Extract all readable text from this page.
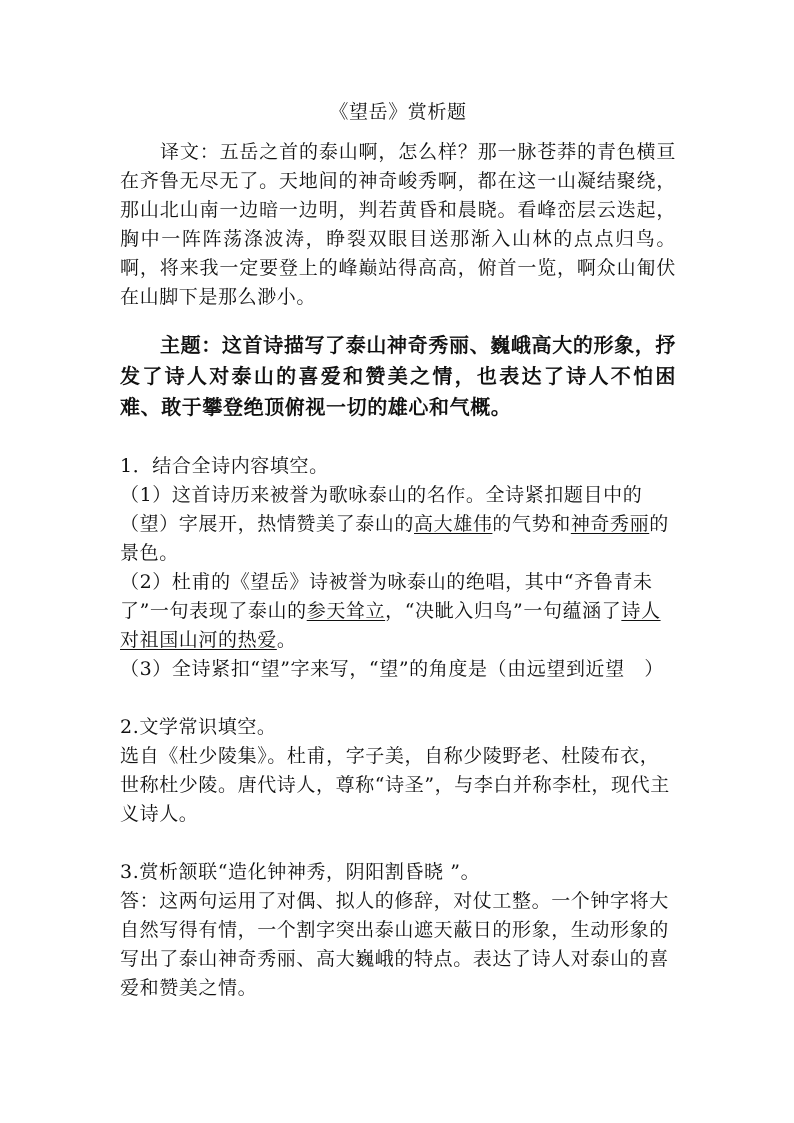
《望岳》赏析题

译文：五岳之首的泰山啊，怎么样？那一脉苍莽的青色横亘在齐鲁无尽无了。天地间的神奇峻秀啊，都在这一山凝结聚绕，那山北山南一边暗一边明，判若黄昏和晨晓。看峰峦层云迭起，胸中一阵阵荡涤波涛，睁裂双眼目送那渐入山林的点点归鸟。啊，将来我一定要登上的峰巅站得高高，俯首一览，啊众山匍伏在山脚下是那么渺小。

主题：这首诗描写了泰山神奇秀丽、巍峨高大的形象，抒发了诗人对泰山的喜爱和赞美之情，也表达了诗人不怕困难、敢于攀登绝顶俯视一切的雄心和气概。

1．结合全诗内容填空。

（1）这首诗历来被誉为歌咏泰山的名作。全诗紧扣题目中的（望）字展开，热情赞美了泰山的高大雄伟的气势和神奇秀丽的景色。

（2）杜甫的《望岳》诗被誉为咏泰山的绝唱，其中“齐鲁青未了”一句表现了泰山的参天耸立，“决眦入归鸟”一句蕴涵了诗人对祖国山河的热爱。

（3）全诗紧扣“望”字来写，“望”的角度是（由远望到近望　）

2.文学常识填空。

选自《杜少陵集》。杜甫，字子美，自称少陵野老、杜陵布衣，世称杜少陵。唐代诗人，尊称“诗圣”，与李白并称李杜，现代主义诗人。

3.赏析颔联“造化钟神秀，阴阳割昏晓 ”。

答：这两句运用了对偶、拟人的修辞，对仗工整。一个钟字将大自然写得有情，一个割字突出泰山遮天蔽日的形象，生动形象的写出了泰山神奇秀丽、高大巍峨的特点。表达了诗人对泰山的喜爱和赞美之情。
